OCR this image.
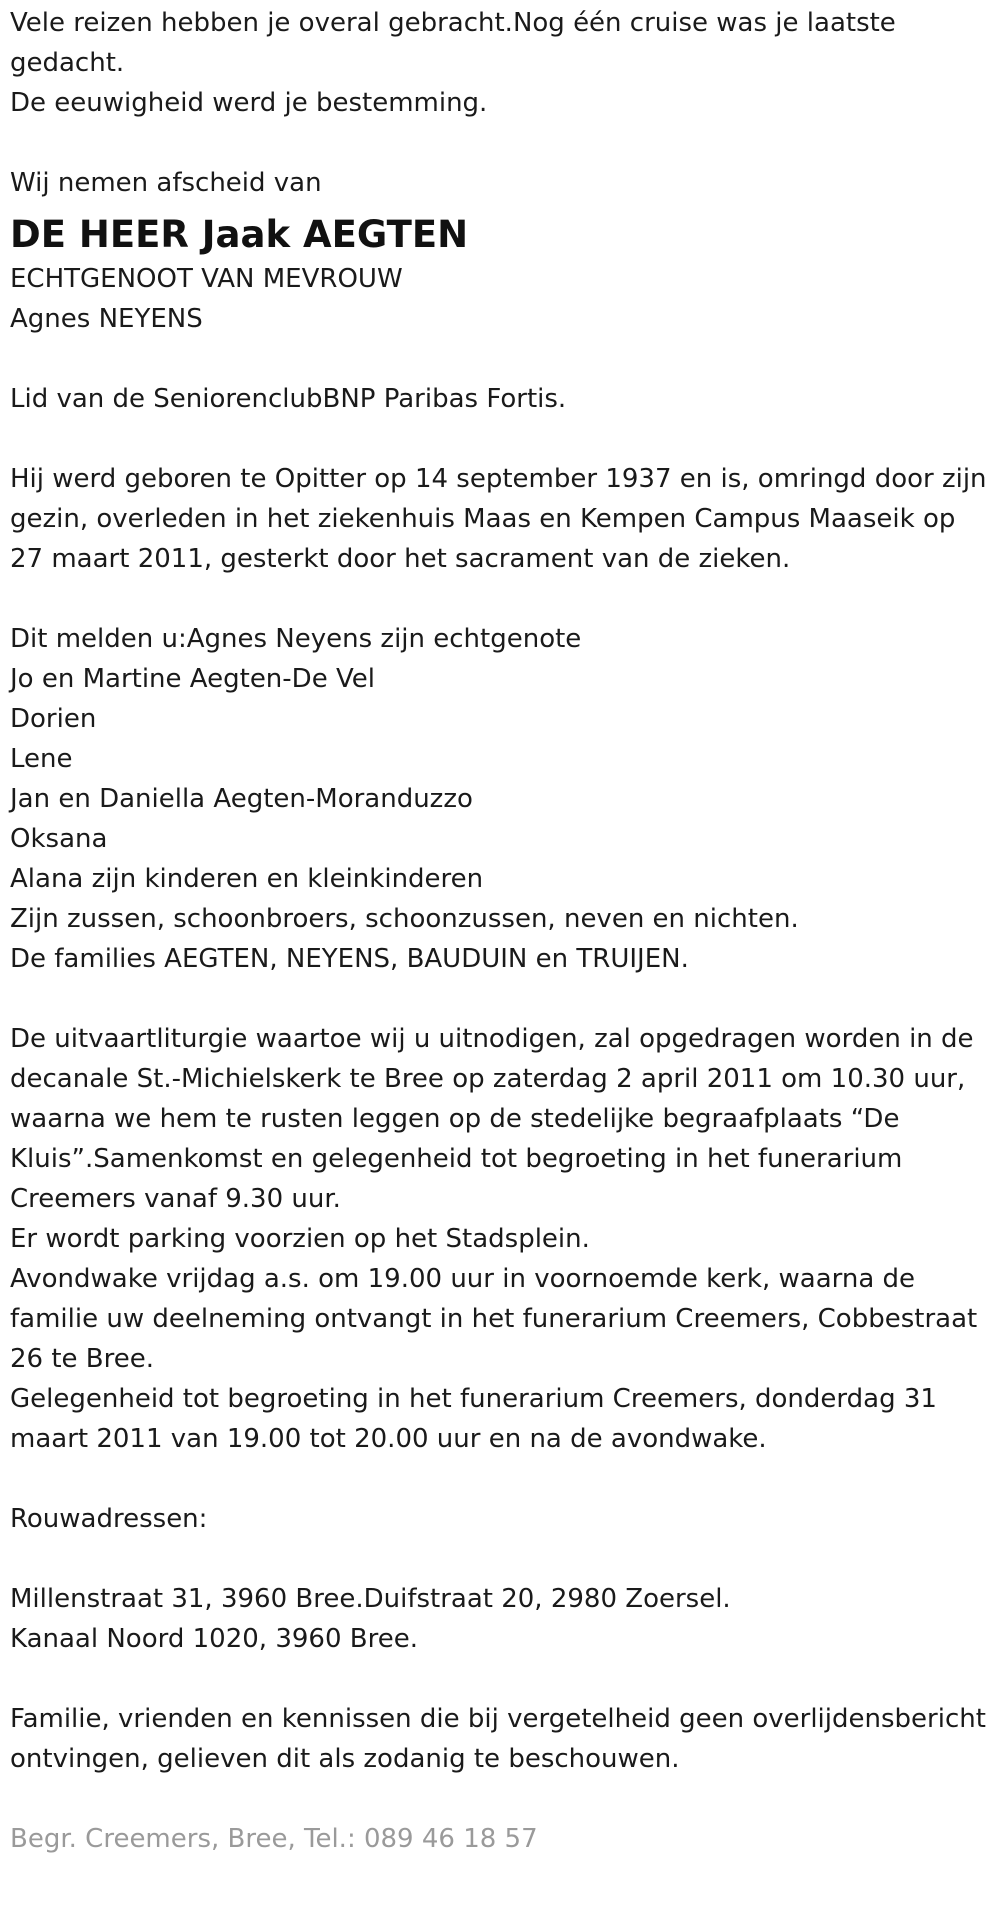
Vele reizen hebben je overal gebracht.Nog één cruise was je laatste gedacht.

De eeuwigheid werd je bestemming.

Wij nemen afscheid van

DE HEER Jaak AEGTEN

ECHTGENOOT VAN MEVROUW

Agnes NEYENS

Lid van de SeniorenclubBNP Paribas Fortis.

Hij werd geboren te Opitter op 14 september 1937 en is, omringd door zijn gezin, overleden in het ziekenhuis Maas en Kempen Campus Maaseik op 27 maart 2011, gesterkt door het sacrament van de zieken.

Dit melden u:Agnes Neyens zijn echtgenote

Jo en Martine Aegten-De Vel

Dorien

Lene

Jan en Daniella Aegten-Moranduzzo

Oksana

Alana zijn kinderen en kleinkinderen

Zijn zussen, schoonbroers, schoonzussen, neven en nichten.

De families AEGTEN, NEYENS, BAUDUIN en TRUIJEN.

De uitvaartliturgie waartoe wij u uitnodigen, zal opgedragen worden in de decanale St.-Michielskerk te Bree op zaterdag 2 april 2011 om 10.30 uur, waarna we hem te rusten leggen op de stedelijke begraafplaats “De Kluis”.Samenkomst en gelegenheid tot begroeting in het funerarium Creemers vanaf 9.30 uur.

Er wordt parking voorzien op het Stadsplein.

Avondwake vrijdag a.s. om 19.00 uur in voornoemde kerk, waarna de familie uw deelneming ontvangt in het funerarium Creemers, Cobbestraat 26 te Bree.

Gelegenheid tot begroeting in het funerarium Creemers, donderdag 31 maart 2011 van 19.00 tot 20.00 uur en na de avondwake.

Rouwadressen:

Millenstraat 31, 3960 Bree.Duifstraat 20, 2980 Zoersel.

Kanaal Noord 1020, 3960 Bree.

Familie, vrienden en kennissen die bij vergetelheid geen overlijdensbericht ontvingen, gelieven dit als zodanig te beschouwen.

Begr. Creemers, Bree, Tel.: 089 46 18 57
